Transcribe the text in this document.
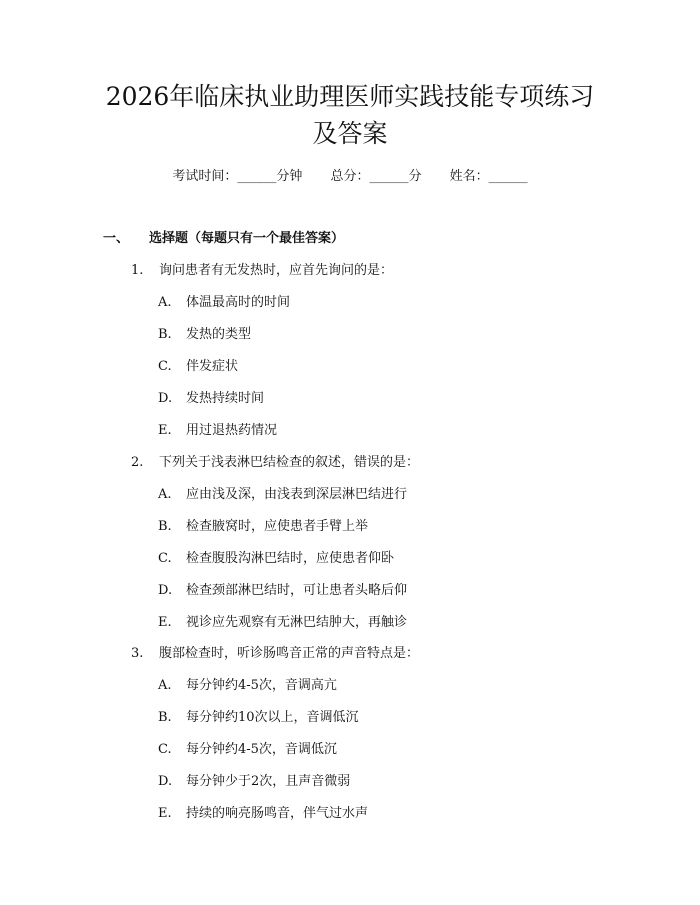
2026年临床执业助理医师实践技能专项练习
及答案
考试时间：______分钟 总分：______分 姓名：______
一、 选择题（每题只有一个最佳答案）
1. 询问患者有无发热时，应首先询问的是：
A. 体温最高时的时间
B. 发热的类型
C. 伴发症状
D. 发热持续时间
E. 用过退热药情况
2. 下列关于浅表淋巴结检查的叙述，错误的是：
A. 应由浅及深，由浅表到深层淋巴结进行
B. 检查腋窝时，应使患者手臂上举
C. 检查腹股沟淋巴结时，应使患者仰卧
D. 检查颈部淋巴结时，可让患者头略后仰
E. 视诊应先观察有无淋巴结肿大，再触诊
3. 腹部检查时，听诊肠鸣音正常的声音特点是：
A. 每分钟约4-5次，音调高亢
B. 每分钟约10次以上，音调低沉
C. 每分钟约4-5次，音调低沉
D. 每分钟少于2次，且声音微弱
E. 持续的响亮肠鸣音，伴气过水声
